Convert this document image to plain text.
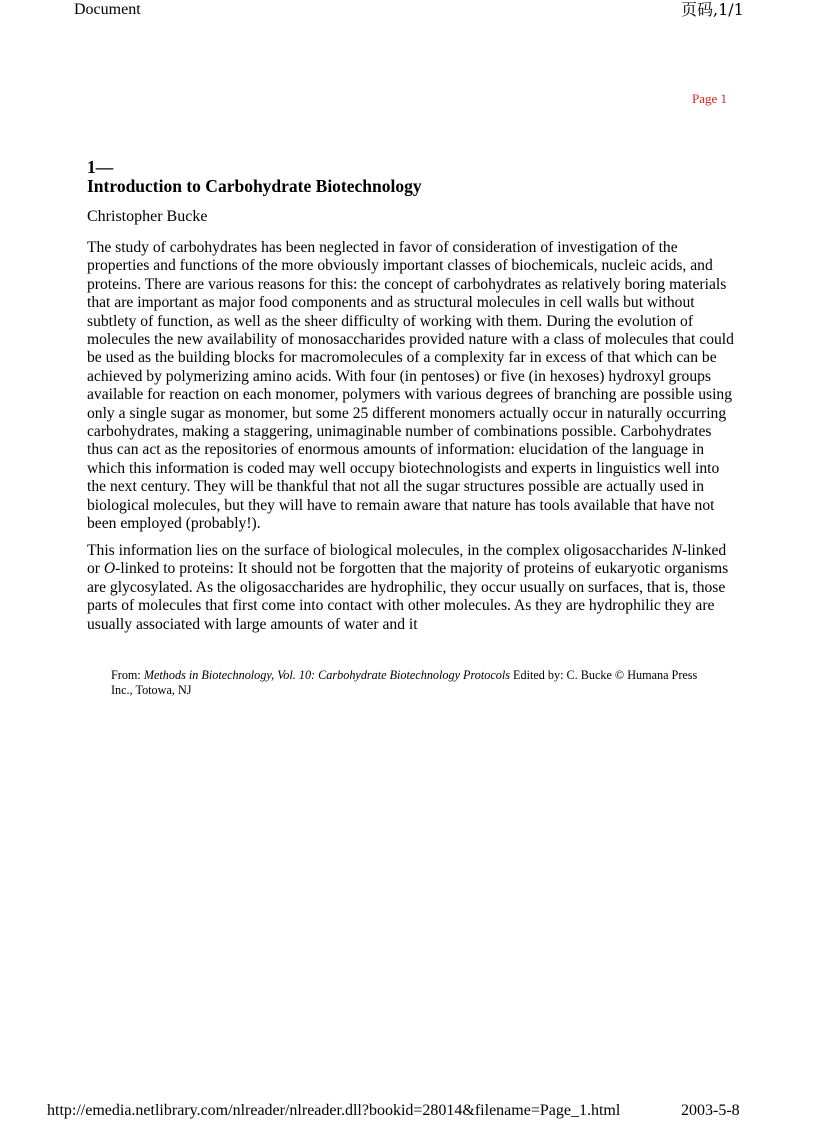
Document	页码,1/1
Page 1
1—
Introduction to Carbohydrate Biotechnology
Christopher Bucke

The study of carbohydrates has been neglected in favor of consideration of investigation of the properties and functions of the more obviously important classes of biochemicals, nucleic acids, and proteins. There are various reasons for this: the concept of carbohydrates as relatively boring materials that are important as major food components and as structural molecules in cell walls but without subtlety of function, as well as the sheer difficulty of working with them. During the evolution of molecules the new availability of monosaccharides provided nature with a class of molecules that could be used as the building blocks for macromolecules of a complexity far in excess of that which can be achieved by polymerizing amino acids. With four (in pentoses) or five (in hexoses) hydroxyl groups available for reaction on each monomer, polymers with various degrees of branching are possible using only a single sugar as monomer, but some 25 different monomers actually occur in naturally occurring carbohydrates, making a staggering, unimaginable number of combinations possible. Carbohydrates thus can act as the repositories of enormous amounts of information: elucidation of the language in which this information is coded may well occupy biotechnologists and experts in linguistics well into the next century. They will be thankful that not all the sugar structures possible are actually used in biological molecules, but they will have to remain aware that nature has tools available that have not been employed (probably!).

This information lies on the surface of biological molecules, in the complex oligosaccharides N-linked or O-linked to proteins: It should not be forgotten that the majority of proteins of eukaryotic organisms are glycosylated. As the oligosaccharides are hydrophilic, they occur usually on surfaces, that is, those parts of molecules that first come into contact with other molecules. As they are hydrophilic they are usually associated with large amounts of water and it

From: Methods in Biotechnology, Vol. 10: Carbohydrate Biotechnology Protocols Edited by: C. Bucke © Humana Press Inc., Totowa, NJ
http://emedia.netlibrary.com/nlreader/nlreader.dll?bookid=28014&filename=Page_1.html	2003-5-8
